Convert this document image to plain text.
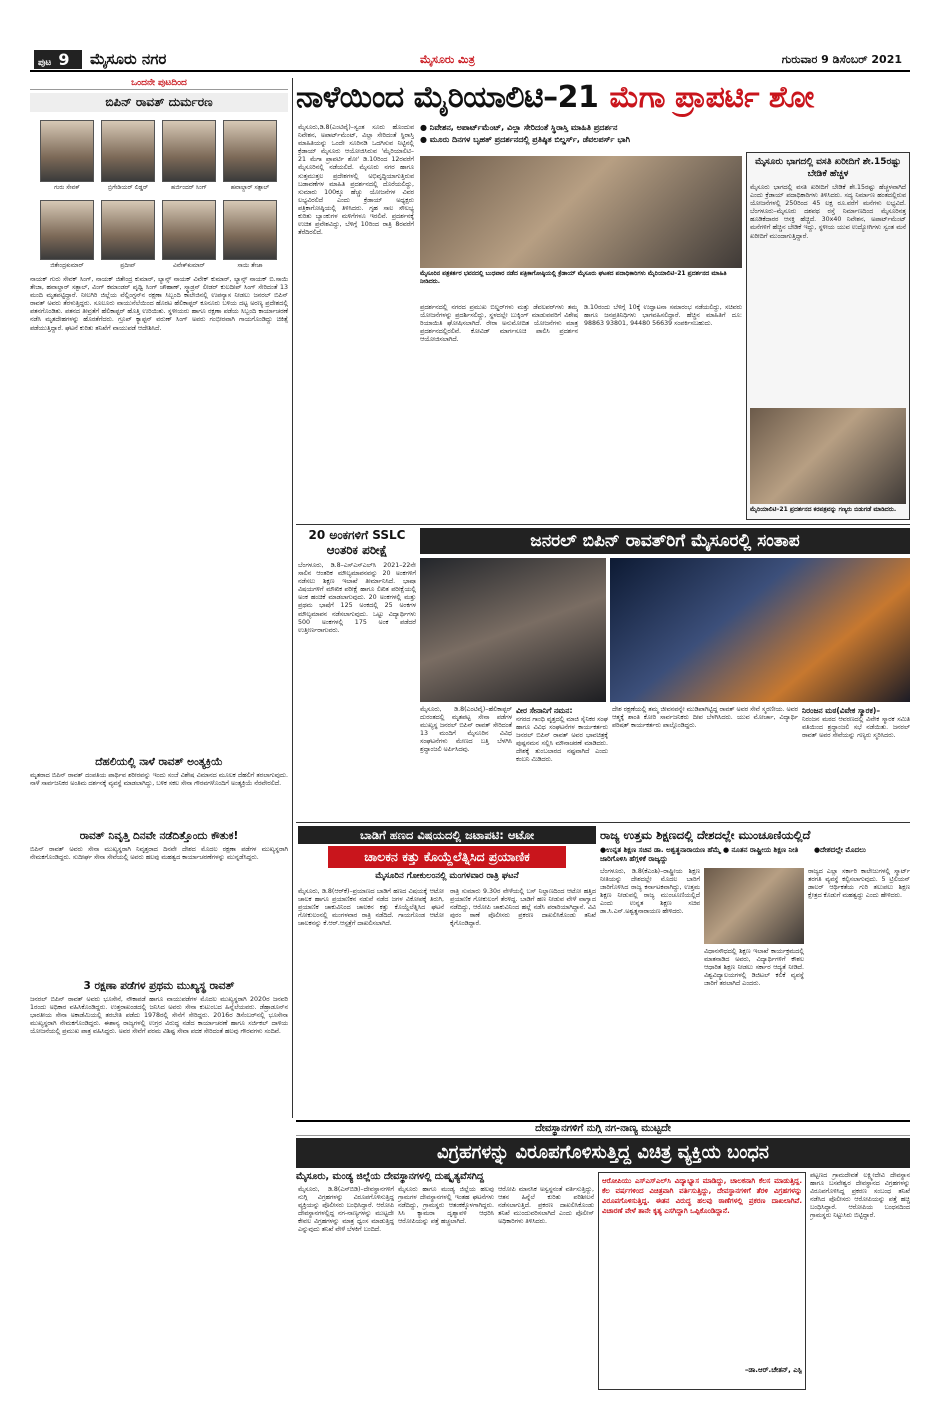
ಪುಟ 9	ಮೈಸೂರು ನಗರ	ಮೈಸೂರು ಮಿತ್ರ	ಗುರುವಾರ 9 ಡಿಸೆಂಬರ್ 2021
ಒಂದನೇ ಪುಟದಿಂದ
ಬಿಪಿನ್ ರಾವತ್ ದುರ್ಮರಣ
ಗುರು ಸೇವಕ್	ಬ್ರಿಗೇಡಿಯರ್ ಲಿಡ್ಡರ್	ಹರ್ಜಿಂದರ್ ಸಿಂಗ್	ಹವಾಲ್ದಾರ್ ಸತ್ಪಾಲ್
ಜಿತೇಂದ್ರಕುಮಾರ್	ಪ್ರದೀಪ್	ವಿವೇಕ್‌ಕುಮಾರ್	ಸಾಯಿ ತೇಜಾ
ನಾಯಕ್ ಗುರು ಸೇವಕ್ ಸಿಂಗ್, ನಾಯಕ್ ಜಿತೇಂದ್ರ ಕುಮಾರ್, ಲ್ಯಾನ್ಸ್ ನಾಯಕ್ ವಿವೇಕ್ ಕುಮಾರ್, ಲ್ಯಾನ್ಸ್ ನಾಯಕ್ ಬಿ.ಸಾಯಿ ತೇಜಾ, ಹವಾಲ್ದಾರ್ ಸತ್ಪಾಲ್, ವಿಂಗ್ ಕಮಾಂಡರ್ ಪೃಥ್ವಿ ಸಿಂಗ್ ಚೌಹಾಣ್, ಸ್ಕ್ವಾಡ್ರನ್ ಲೀಡರ್ ಕುಲದೀಪ್ ಸಿಂಗ್ ಸೇರಿದಂತೆ 13 ಮಂದಿ ಮೃತಪಟ್ಟಿದ್ದಾರೆ. ನೀಲಗಿರಿ ಜಿಲ್ಲೆಯ ವೆಲ್ಲಿಂಗ್ಟನ್‌ನ ರಕ್ಷಣಾ ಸಿಬ್ಬಂದಿ ಕಾಲೇಜಿನಲ್ಲಿ ಉಪನ್ಯಾಸ ನೀಡಲು ಜನರಲ್ ಬಿಪಿನ್ ರಾವತ್ ಅವರು ತೆರಳುತ್ತಿದ್ದರು. ಸೂಲೂರು ವಾಯುನೆಲೆಯಿಂದ ಹೊರಟ ಹೆಲಿಕಾಪ್ಟರ್ ಕೂನೂರು ಬಳಿಯ ದಟ್ಟ ಅರಣ್ಯ ಪ್ರದೇಶದಲ್ಲಿ ಪತನಗೊಂಡಿತು. ಪತನದ ತೀವ್ರತೆಗೆ ಹೆಲಿಕಾಪ್ಟರ್ ಹೊತ್ತಿ ಉರಿಯಿತು. ಸ್ಥಳೀಯರು ಹಾಗೂ ರಕ್ಷಣಾ ಪಡೆಯ ಸಿಬ್ಬಂದಿ ಕಾರ್ಯಾಚರಣೆ ನಡೆಸಿ ಮೃತದೇಹಗಳನ್ನು ಹೊರತೆಗೆದರು. ಗ್ರೂಪ್ ಕ್ಯಾಪ್ಟನ್ ವರುಣ್ ಸಿಂಗ್ ಅವರು ಗಂಭೀರವಾಗಿ ಗಾಯಗೊಂಡಿದ್ದು ಚಿಕಿತ್ಸೆ ಪಡೆಯುತ್ತಿದ್ದಾರೆ. ಘಟನೆ ಕುರಿತು ತನಿಖೆಗೆ ವಾಯುಪಡೆ ಆದೇಶಿಸಿದೆ.
ದೆಹಲಿಯಲ್ಲಿ ನಾಳೆ ರಾವತ್ ಅಂತ್ಯಕ್ರಿಯೆ
ಮೃತರಾದ ಬಿಪಿನ್ ರಾವತ್ ದಂಪತಿಯ ಪಾರ್ಥಿವ ಶರೀರವನ್ನು ಇಂದು ಸಂಜೆ ವಿಶೇಷ ವಿಮಾನದ ಮೂಲಕ ದೆಹಲಿಗೆ ತರಲಾಗುವುದು. ನಾಳೆ ಸಾರ್ವಜನಿಕರ ಅಂತಿಮ ದರ್ಶನಕ್ಕೆ ವ್ಯವಸ್ಥೆ ಮಾಡಲಾಗಿದ್ದು, ಬಳಿಕ ಸಕಲ ಸೇನಾ ಗೌರವಗಳೊಂದಿಗೆ ಅಂತ್ಯಕ್ರಿಯೆ ನೆರವೇರಲಿದೆ.
ರಾವತ್ ನಿವೃತ್ತಿ ದಿನವೇ ನಡೆದಿತ್ತೊಂದು ಕೌತುಕ!
ಬಿಪಿನ್ ರಾವತ್ ಅವರು ಸೇನಾ ಮುಖ್ಯಸ್ಥರಾಗಿ ನಿವೃತ್ತರಾದ ದಿನವೇ ದೇಶದ ಮೊದಲ ರಕ್ಷಣಾ ಪಡೆಗಳ ಮುಖ್ಯಸ್ಥರಾಗಿ ನೇಮಕಗೊಂಡಿದ್ದರು. ಸುದೀರ್ಘ ಸೇನಾ ಸೇವೆಯಲ್ಲಿ ಅವರು ಹಲವು ಮಹತ್ವದ ಕಾರ್ಯಾಚರಣೆಗಳನ್ನು ಮುನ್ನಡೆಸಿದ್ದರು.
3 ರಕ್ಷಣಾ ಪಡೆಗಳ ಪ್ರಥಮ ಮುಖ್ಯಸ್ಥ ರಾವತ್
ಜನರಲ್ ಬಿಪಿನ್ ರಾವತ್ ಅವರು ಭೂಸೇನೆ, ನೌಕಾಪಡೆ ಹಾಗೂ ವಾಯುಪಡೆಗಳ ಮೊದಲ ಮುಖ್ಯಸ್ಥರಾಗಿ 2020ರ ಜನವರಿ 1ರಂದು ಅಧಿಕಾರ ವಹಿಸಿಕೊಂಡಿದ್ದರು. ಉತ್ತರಾಖಂಡದಲ್ಲಿ ಜನಿಸಿದ ಅವರು ಸೇನಾ ಕುಟುಂಬದ ಹಿನ್ನೆಲೆಯವರು. ಡೆಹ್ರಾಡೂನ್‌ನ ಭಾರತೀಯ ಸೇನಾ ಅಕಾಡೆಮಿಯಲ್ಲಿ ತರಬೇತಿ ಪಡೆದು 1978ರಲ್ಲಿ ಸೇನೆಗೆ ಸೇರಿದ್ದರು. 2016ರ ಡಿಸೆಂಬರ್‌ನಲ್ಲಿ ಭೂಸೇನಾ ಮುಖ್ಯಸ್ಥರಾಗಿ ನೇಮಕಗೊಂಡಿದ್ದರು. ಈಶಾನ್ಯ ರಾಜ್ಯಗಳಲ್ಲಿ ಉಗ್ರರ ವಿರುದ್ಧ ನಡೆದ ಕಾರ್ಯಾಚರಣೆ ಹಾಗೂ ಸರ್ಜಿಕಲ್ ದಾಳಿಯ ಯೋಜನೆಯಲ್ಲಿ ಪ್ರಮುಖ ಪಾತ್ರ ವಹಿಸಿದ್ದರು. ಅವರ ಸೇವೆಗೆ ಪರಮ ವಿಶಿಷ್ಟ ಸೇವಾ ಪದಕ ಸೇರಿದಂತೆ ಹಲವು ಗೌರವಗಳು ಸಂದಿವೆ.
ನಾಳೆಯಿಂದ ಮೈರಿಯಾಲಿಟಿ–21 ಮೆಗಾ ಪ್ರಾಪರ್ಟಿ ಶೋ
● ನಿವೇಶನ, ಅಪಾರ್ಟ್‌ಮೆಂಟ್, ವಿಲ್ಲಾ ಸೇರಿದಂತೆ ಸ್ಥಿರಾಸ್ತಿ ಮಾಹಿತಿ ಪ್ರದರ್ಶನ
● ಮೂರು ದಿನಗಳ ಬೃಹತ್ ಪ್ರದರ್ಶನದಲ್ಲಿ ಪ್ರತಿಷ್ಠಿತ ಬಿಲ್ಡರ್ಸ್, ಡೆವಲಪರ್ಸ್ ಭಾಗಿ
ಮೈಸೂರು,ಡಿ.8(ಎಂಟಿವೈ)–ಸ್ವಂತ ಸೂರು ಹೊಂದುವ ನಿವೇಶನ, ಅಪಾರ್ಟ್‌ಮೆಂಟ್, ವಿಲ್ಲಾ ಸೇರಿದಂತೆ ಸ್ಥಿರಾಸ್ತಿ ಮಾಹಿತಿಯನ್ನು ಒಂದೇ ಸೂರಿನಡಿ ಒದಗಿಸುವ ನಿಟ್ಟಿನಲ್ಲಿ ಕ್ರೆಡಾಯ್ ಮೈಸೂರು ಆಯೋಜಿಸಿರುವ 'ಮೈರಿಯಾಲಿಟಿ–21 ಮೆಗಾ ಪ್ರಾಪರ್ಟಿ ಶೋ' ಡಿ.10ರಿಂದ 12ರವರೆಗೆ ಮೈಸೂರಿನಲ್ಲಿ ನಡೆಯಲಿದೆ. ಮೈಸೂರು ನಗರ ಹಾಗೂ ಸುತ್ತಮುತ್ತಲ ಪ್ರದೇಶಗಳಲ್ಲಿ ಅಭಿವೃದ್ಧಿಯಾಗುತ್ತಿರುವ ಬಡಾವಣೆಗಳ ಮಾಹಿತಿ ಪ್ರದರ್ಶನದಲ್ಲಿ ದೊರೆಯಲಿದ್ದು, ಸುಮಾರು 100ಕ್ಕೂ ಹೆಚ್ಚು ಯೋಜನೆಗಳ ವಿವರ ಲಭ್ಯವಿರಲಿದೆ ಎಂದು ಕ್ರೆಡಾಯ್ ಅಧ್ಯಕ್ಷರು ಪತ್ರಿಕಾಗೋಷ್ಠಿಯಲ್ಲಿ ತಿಳಿಸಿದರು. ಗೃಹ ಸಾಲ ಸೌಲಭ್ಯ ಕುರಿತು ಬ್ಯಾಂಕುಗಳ ಮಳಿಗೆಗಳೂ ಇರಲಿವೆ. ಪ್ರದರ್ಶನಕ್ಕೆ ಉಚಿತ ಪ್ರವೇಶವಿದ್ದು, ಬೆಳಿಗ್ಗೆ 10ರಿಂದ ರಾತ್ರಿ 8ರವರೆಗೆ ತೆರೆದಿರಲಿದೆ.
ಮೈಸೂರಿನ ಪತ್ರಕರ್ತರ ಭವನದಲ್ಲಿ ಬುಧವಾರ ನಡೆದ ಪತ್ರಿಕಾಗೋಷ್ಠಿಯಲ್ಲಿ ಕ್ರೆಡಾಯ್ ಮೈಸೂರು ಘಟಕದ ಪದಾಧಿಕಾರಿಗಳು ಮೈರಿಯಾಲಿಟಿ–21 ಪ್ರದರ್ಶನದ ಮಾಹಿತಿ ನೀಡಿದರು.
ಪ್ರದರ್ಶನದಲ್ಲಿ ನಗರದ ಪ್ರಮುಖ ಬಿಲ್ಡರ್‌ಗಳು ಮತ್ತು ಡೆವಲಪರ್‌ಗಳು ತಮ್ಮ ಯೋಜನೆಗಳನ್ನು ಪ್ರದರ್ಶಿಸಲಿದ್ದು, ಸ್ಥಳದಲ್ಲೇ ಬುಕ್ಕಿಂಗ್ ಮಾಡುವವರಿಗೆ ವಿಶೇಷ ರಿಯಾಯಿತಿ ಘೋಷಿಸಲಾಗಿದೆ. ರೇರಾ ಅನುಮೋದಿತ ಯೋಜನೆಗಳು ಮಾತ್ರ ಪ್ರದರ್ಶನದಲ್ಲಿರಲಿವೆ. ಕೋವಿಡ್ ಮಾರ್ಗಸೂಚಿ ಪಾಲಿಸಿ ಪ್ರದರ್ಶನ ಆಯೋಜಿಸಲಾಗಿದೆ.
ಡಿ.10ರಂದು ಬೆಳಿಗ್ಗೆ 10ಕ್ಕೆ ಉದ್ಘಾಟನಾ ಸಮಾರಂಭ ನಡೆಯಲಿದ್ದು, ಸಚಿವರು ಹಾಗೂ ಜನಪ್ರತಿನಿಧಿಗಳು ಭಾಗವಹಿಸಲಿದ್ದಾರೆ. ಹೆಚ್ಚಿನ ಮಾಹಿತಿಗೆ ದೂ: 98863 93801, 94480 56639 ಸಂಪರ್ಕಿಸಬಹುದು.
ಮೈಸೂರು ಭಾಗದಲ್ಲಿ ವಸತಿ ಖರೀದಿಗೆ ಶೇ.15ರಷ್ಟು ಬೇಡಿಕೆ ಹೆಚ್ಚಳ
ಮೈಸೂರು ಭಾಗದಲ್ಲಿ ವಸತಿ ಖರೀದಿಗೆ ಬೇಡಿಕೆ ಶೇ.15ರಷ್ಟು ಹೆಚ್ಚಳವಾಗಿದೆ ಎಂದು ಕ್ರೆಡಾಯ್ ಪದಾಧಿಕಾರಿಗಳು ತಿಳಿಸಿದರು. ಸದ್ಯ ನಿರ್ಮಾಣ ಹಂತದಲ್ಲಿರುವ ಯೋಜನೆಗಳಲ್ಲಿ 250ರಿಂದ 45 ಲಕ್ಷ ರೂ.ವರೆಗೆ ಮನೆಗಳು ಲಭ್ಯವಿದೆ. ಬೆಂಗಳೂರು–ಮೈಸೂರು ದಶಪಥ ರಸ್ತೆ ನಿರ್ಮಾಣದಿಂದ ಮೈಸೂರಿನತ್ತ ಹೂಡಿಕೆದಾರರ ಆಸಕ್ತಿ ಹೆಚ್ಚಿದೆ. 30x40 ನಿವೇಶನ, ಅಪಾರ್ಟ್‌ಮೆಂಟ್ ಮನೆಗಳಿಗೆ ಹೆಚ್ಚಿನ ಬೇಡಿಕೆ ಇದ್ದು, ಸ್ಥಳೀಯ ಯುವ ಉದ್ಯೋಗಿಗಳು ಸ್ವಂತ ಮನೆ ಖರೀದಿಗೆ ಮುಂದಾಗುತ್ತಿದ್ದಾರೆ.
ಮೈರಿಯಾಲಿಟಿ–21 ಪ್ರದರ್ಶನದ ಕರಪತ್ರವನ್ನು ಗಣ್ಯರು ಬಿಡುಗಡೆ ಮಾಡಿದರು.
20 ಅಂಕಗಳಿಗೆ SSLC
ಆಂತರಿಕ ಪರೀಕ್ಷೆ
ಬೆಂಗಳೂರು, ಡಿ.8–ಎಸ್‌ಎಸ್‌ಎಲ್‌ಸಿ 2021–22ನೇ ಸಾಲಿನ ಆಂತರಿಕ ಮೌಲ್ಯಮಾಪನವನ್ನು 20 ಅಂಕಗಳಿಗೆ ನಡೆಸಲು ಶಿಕ್ಷಣ ಇಲಾಖೆ ತೀರ್ಮಾನಿಸಿದೆ. ಭಾಷಾ ವಿಷಯಗಳಿಗೆ ಮೌಖಿಕ ಪರೀಕ್ಷೆ ಹಾಗೂ ಲಿಖಿತ ಪರೀಕ್ಷೆಯಲ್ಲಿ ಅಂಕ ಹಂಚಿಕೆ ಮಾಡಲಾಗುವುದು. 20 ಅಂಕಗಳಲ್ಲಿ ಮತ್ತು ಪ್ರಥಮ ಭಾಷೆಗೆ 125 ಅಂಕದಲ್ಲಿ 25 ಅಂಕಗಳ ಮೌಲ್ಯಮಾಪನ ನಡೆಸಲಾಗುವುದು. ಒಟ್ಟು ವಿದ್ಯಾರ್ಥಿಗಳು 500 ಅಂಕಗಳಲ್ಲಿ 175 ಅಂಕ ಪಡೆದರೆ ಉತ್ತೀರ್ಣರಾಗುವರು.
ಜನರಲ್ ಬಿಪಿನ್ ರಾವತ್‌ರಿಗೆ ಮೈಸೂರಲ್ಲಿ ಸಂತಾಪ
ಮೈಸೂರು, ಡಿ.8(ಎಂಟಿವೈ)–ಹೆಲಿಕಾಪ್ಟರ್ ದುರಂತದಲ್ಲಿ ಮೃತಪಟ್ಟ ಸೇನಾ ಪಡೆಗಳ ಮುಖ್ಯಸ್ಥ ಜನರಲ್ ಬಿಪಿನ್ ರಾವತ್ ಸೇರಿದಂತೆ 13 ಮಂದಿಗೆ ಮೈಸೂರಿನ ವಿವಿಧ ಸಂಘಟನೆಗಳು ಮೇಣದ ಬತ್ತಿ ಬೆಳಗಿಸಿ ಶ್ರದ್ಧಾಂಜಲಿ ಅರ್ಪಿಸಿದವು.
ವೀರ ಸೇನಾನಿಗೆ ನಮನ:
ನಗರದ ಗಾಂಧಿ ವೃತ್ತದಲ್ಲಿ ಮಾಜಿ ಸೈನಿಕರ ಸಂಘ ಹಾಗೂ ವಿವಿಧ ಸಂಘಟನೆಗಳ ಕಾರ್ಯಕರ್ತರು ಜನರಲ್ ಬಿಪಿನ್ ರಾವತ್ ಅವರ ಭಾವಚಿತ್ರಕ್ಕೆ ಪುಷ್ಪನಮನ ಸಲ್ಲಿಸಿ ಮೌನಾಚರಣೆ ಮಾಡಿದರು. ದೇಶಕ್ಕೆ ತುಂಬಲಾರದ ನಷ್ಟವಾಗಿದೆ ಎಂದು ಕಂಬನಿ ಮಿಡಿದರು.
ದೇಶ ರಕ್ಷಣೆಯಲ್ಲಿ ತಮ್ಮ ಜೀವನವನ್ನೇ ಮುಡಿಪಾಗಿಟ್ಟಿದ್ದ ರಾವತ್ ಅವರ ಸೇವೆ ಸ್ಮರಣೀಯ. ಅವರ ಆತ್ಮಕ್ಕೆ ಶಾಂತಿ ಕೋರಿ ಸಾರ್ವಜನಿಕರು ದೀಪ ಬೆಳಗಿಸಿದರು. ಯುವ ಮೋರ್ಚಾ, ವಿದ್ಯಾರ್ಥಿ ಪರಿಷತ್ ಕಾರ್ಯಕರ್ತರು ಪಾಲ್ಗೊಂಡಿದ್ದರು.
ನಿರಂಜನ ಮಠ(ವಿವೇಕ ಸ್ಮಾರಕ)–
ನಿರಂಜನ ಮಠದ ಆವರಣದಲ್ಲಿ ವಿವೇಕ ಸ್ಮಾರಕ ಸಮಿತಿ ವತಿಯಿಂದ ಶ್ರದ್ಧಾಂಜಲಿ ಸಭೆ ನಡೆಯಿತು. ಜನರಲ್ ರಾವತ್ ಅವರ ಸೇವೆಯನ್ನು ಗಣ್ಯರು ಸ್ಮರಿಸಿದರು.
ಬಾಡಿಗೆ ಹಣದ ವಿಷಯದಲ್ಲಿ ಜಟಾಪಟಿ: ಆಟೋ
ಚಾಲಕನ ಕತ್ತು ಕೊಯ್ದೆಲೆತ್ನಿಸಿದ ಪ್ರಯಾಣಿಕ
ಮೈಸೂರಿನ ಗೋಕುಲಂನಲ್ಲಿ ಮಂಗಳವಾರ ರಾತ್ರಿ ಘಟನೆ
ಮೈಸೂರು, ಡಿ.8(ಆರ್‌ಕೆ)–ಪ್ರಯಾಣದ ಬಾಡಿಗೆ ಹಣದ ವಿಷಯಕ್ಕೆ ಆಟೋ ಚಾಲಕ ಹಾಗೂ ಪ್ರಯಾಣಿಕನ ನಡುವೆ ನಡೆದ ಜಗಳ ವಿಕೋಪಕ್ಕೆ ತಿರುಗಿ, ಪ್ರಯಾಣಿಕ ಚಾಕುವಿನಿಂದ ಚಾಲಕನ ಕತ್ತು ಕೊಯ್ದೆಲೆತ್ನಿಸಿದ ಘಟನೆ ಗೋಕುಲಂನಲ್ಲಿ ಮಂಗಳವಾರ ರಾತ್ರಿ ನಡೆದಿದೆ. ಗಾಯಗೊಂಡ ಆಟೋ ಚಾಲಕನನ್ನು ಕೆ.ಆರ್.ಆಸ್ಪತ್ರೆಗೆ ದಾಖಲಿಸಲಾಗಿದೆ.
ರಾತ್ರಿ ಸುಮಾರು 9.30ರ ವೇಳೆಯಲ್ಲಿ ಬಸ್ ನಿಲ್ದಾಣದಿಂದ ಆಟೋ ಹತ್ತಿದ ಪ್ರಯಾಣಿಕ ಗೋಕುಲಂಗೆ ತೆರಳಿದ್ದ. ಬಾಡಿಗೆ ಹಣ ನೀಡುವ ವೇಳೆ ವಾಗ್ವಾದ ನಡೆದಿದ್ದು, ಆರೋಪಿ ಚಾಕುವಿನಿಂದ ಹಲ್ಲೆ ನಡೆಸಿ ಪರಾರಿಯಾಗಿದ್ದಾನೆ. ವಿವಿ ಪುರಂ ಠಾಣೆ ಪೊಲೀಸರು ಪ್ರಕರಣ ದಾಖಲಿಸಿಕೊಂಡು ತನಿಖೆ ಕೈಗೊಂಡಿದ್ದಾರೆ.
ರಾಜ್ಯ ಉತ್ತಮ ಶಿಕ್ಷಣದಲ್ಲಿ ದೇಶದಲ್ಲೇ ಮುಂಚೂಣಿಯಲ್ಲಿದೆ
●ಉನ್ನತ ಶಿಕ್ಷಣ ಸಚಿವ ಡಾ. ಅಶ್ವತ್ಥನಾರಾಯಣ ಹೆಮ್ಮೆ ● ನೂತನ ರಾಷ್ಟ್ರೀಯ ಶಿಕ್ಷಣ ನೀತಿ ಜಾರಿಗೊಳಿಸಿ ಹೆಗ್ಗಳಿಕೆ ರಾಜ್ಯದ್ದು
●ದೇಶದಲ್ಲೇ ಮೊದಲು
ಬೆಂಗಳೂರು, ಡಿ.8(ಕೆಎಂಶಿ)–ರಾಷ್ಟ್ರೀಯ ಶಿಕ್ಷಣ ನೀತಿಯನ್ನು ದೇಶದಲ್ಲೇ ಮೊದಲ ಬಾರಿಗೆ ಜಾರಿಗೊಳಿಸಿದ ರಾಜ್ಯ ಕರ್ನಾಟಕವಾಗಿದ್ದು, ಉತ್ತಮ ಶಿಕ್ಷಣ ನೀಡುವಲ್ಲಿ ರಾಜ್ಯ ಮುಂಚೂಣಿಯಲ್ಲಿದೆ ಎಂದು ಉನ್ನತ ಶಿಕ್ಷಣ ಸಚಿವ ಡಾ.ಸಿ.ಎನ್.ಅಶ್ವತ್ಥನಾರಾಯಣ ಹೇಳಿದರು.
ವಿಧಾನಸೌಧದಲ್ಲಿ ಶಿಕ್ಷಣ ಇಲಾಖೆ ಕಾರ್ಯಕ್ರಮದಲ್ಲಿ ಮಾತನಾಡಿದ ಅವರು, ವಿದ್ಯಾರ್ಥಿಗಳಿಗೆ ಕೌಶಲ ಆಧಾರಿತ ಶಿಕ್ಷಣ ನೀಡಲು ಸರ್ಕಾರ ಆದ್ಯತೆ ನೀಡಿದೆ. ವಿಶ್ವವಿದ್ಯಾಲಯಗಳಲ್ಲಿ ಡಿಜಿಟಲ್ ಕಲಿಕೆ ವ್ಯವಸ್ಥೆ ಜಾರಿಗೆ ತರಲಾಗಿದೆ ಎಂದರು.
ರಾಜ್ಯದ ಎಲ್ಲಾ ಸರ್ಕಾರಿ ಕಾಲೇಜುಗಳಲ್ಲಿ ಸ್ಮಾರ್ಟ್ ತರಗತಿ ವ್ಯವಸ್ಥೆ ಕಲ್ಪಿಸಲಾಗುವುದು. 5 ಟ್ರಿಲಿಯನ್ ಡಾಲರ್ ಆರ್ಥಿಕತೆಯ ಗುರಿ ತಲುಪಲು ಶಿಕ್ಷಣ ಕ್ಷೇತ್ರದ ಕೊಡುಗೆ ಮಹತ್ವದ್ದು ಎಂದು ಹೇಳಿದರು.
ದೇವಸ್ಥಾನಗಳಿಗೆ ನುಗ್ಗಿ ನಗ-ನಾಣ್ಯ ಮುಟ್ಟದೇ
ವಿಗ್ರಹಗಳನ್ನು ವಿರೂಪಗೊಳಿಸುತ್ತಿದ್ದ ವಿಚಿತ್ರ ವ್ಯಕ್ತಿಯ ಬಂಧನ
ಮೈಸೂರು, ಮಂಡ್ಯ ಜಿಲ್ಲೆಯ ದೇವಸ್ಥಾನಗಳಲ್ಲಿ ದುಷ್ಕೃತ್ಯವೆಸಗಿದ್ದ
ಮೈಸೂರು, ಡಿ.8(ಎಸ್‌ಬಿಡಿ)–ದೇವಸ್ಥಾನಗಳಿಗೆ ನುಗ್ಗಿ ವಿಗ್ರಹಗಳನ್ನು ವಿರೂಪಗೊಳಿಸುತ್ತಿದ್ದ ವ್ಯಕ್ತಿಯನ್ನು ಪೊಲೀಸರು ಬಂಧಿಸಿದ್ದಾರೆ. ಆರೋಪಿ ದೇವಸ್ಥಾನಗಳಲ್ಲಿದ್ದ ನಗ-ನಾಣ್ಯಗಳನ್ನು ಮುಟ್ಟದೇ ಕೇವಲ ವಿಗ್ರಹಗಳನ್ನು ಮಾತ್ರ ಧ್ವಂಸ ಮಾಡುತ್ತಿದ್ದ ಎನ್ನುವುದು ತನಿಖೆ ವೇಳೆ ಬೆಳಕಿಗೆ ಬಂದಿದೆ.
ಮೈಸೂರು ಹಾಗೂ ಮಂಡ್ಯ ಜಿಲ್ಲೆಯ ಹಲವು ಗ್ರಾಮಗಳ ದೇವಸ್ಥಾನಗಳಲ್ಲಿ ಇಂತಹ ಘಟನೆಗಳು ನಡೆದಿದ್ದು, ಗ್ರಾಮಸ್ಥರು ಆತಂಕಕ್ಕೊಳಗಾಗಿದ್ದರು. ಸಿಸಿ ಕ್ಯಾಮರಾ ದೃಶ್ಯಾವಳಿ ಆಧರಿಸಿ ಆರೋಪಿಯನ್ನು ಪತ್ತೆ ಹಚ್ಚಲಾಗಿದೆ.
ಆರೋಪಿ ಮಾನಸಿಕ ಅಸ್ವಸ್ಥನಂತೆ ವರ್ತಿಸುತ್ತಿದ್ದು, ಆತನ ಹಿನ್ನೆಲೆ ಕುರಿತು ಪರಿಶೀಲನೆ ನಡೆಸಲಾಗುತ್ತಿದೆ. ಪ್ರಕರಣ ದಾಖಲಿಸಿಕೊಂಡು ತನಿಖೆ ಮುಂದುವರಿಸಲಾಗಿದೆ ಎಂದು ಪೊಲೀಸ್ ಅಧಿಕಾರಿಗಳು ತಿಳಿಸಿದರು.
ಆರೋಪಿಯು ಎಸ್‌ಎಸ್‌ಎಲ್‌ಸಿ ವಿದ್ಯಾಭ್ಯಾಸ ಮಾಡಿದ್ದು, ಚಾಲಕನಾಗಿ ಕೆಲಸ ಮಾಡುತ್ತಿದ್ದ. ಕೆಲ ವರ್ಷಗಳಿಂದ ವಿಚಿತ್ರವಾಗಿ ವರ್ತಿಸುತ್ತಿದ್ದು, ದೇವಸ್ಥಾನಗಳಿಗೆ ತೆರಳಿ ವಿಗ್ರಹಗಳನ್ನು ವಿರೂಪಗೊಳಿಸುತ್ತಿದ್ದ. ಈತನ ವಿರುದ್ಧ ಹಲವು ಠಾಣೆಗಳಲ್ಲಿ ಪ್ರಕರಣ ದಾಖಲಾಗಿವೆ. ವಿಚಾರಣೆ ವೇಳೆ ತಾನೇ ಕೃತ್ಯ ಎಸಗಿದ್ದಾಗಿ ಒಪ್ಪಿಕೊಂಡಿದ್ದಾನೆ.
–ಡಾ.ಆರ್.ಚೇತನ್, ಎಸ್ಪಿ
ಪಟ್ಟಣದ ಗ್ರಾಮದೇವತೆ ಲಕ್ಷ್ಮೀದೇವಿ ದೇವಸ್ಥಾನ ಹಾಗೂ ಬಸವೇಶ್ವರ ದೇವಸ್ಥಾನದ ವಿಗ್ರಹಗಳನ್ನು ವಿರೂಪಗೊಳಿಸಿದ್ದ ಪ್ರಕರಣ ಸಂಬಂಧ ತನಿಖೆ ನಡೆಸಿದ ಪೊಲೀಸರು ಆರೋಪಿಯನ್ನು ಪತ್ತೆ ಹಚ್ಚಿ ಬಂಧಿಸಿದ್ದಾರೆ. ಆರೋಪಿಯ ಬಂಧನದಿಂದ ಗ್ರಾಮಸ್ಥರು ನಿಟ್ಟುಸಿರು ಬಿಟ್ಟಿದ್ದಾರೆ.
